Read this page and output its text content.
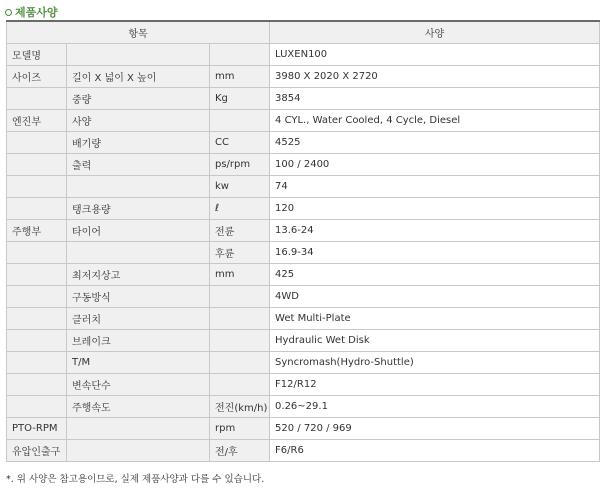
제품사양
항목			사양
모델명			LUXEN100
사이즈	길이 X 넓이 X 높이	mm	3980 X 2020 X 2720
	중량	Kg	3854
엔진부	사양		4 CYL., Water Cooled, 4 Cycle, Diesel
	배기량	CC	4525
	출력	ps/rpm	100 / 2400
		kw	74
	탱크용량	ℓ	120
주행부	타이어	전륜	13.6-24
		후륜	16.9-34
	최저지상고	mm	425
	구동방식		4WD
	클러치		Wet Multi-Plate
	브레이크		Hydraulic Wet Disk
	T/M		Syncromash(Hydro-Shuttle)
	변속단수		F12/R12
	주행속도	전진(km/h)	0.26~29.1
PTO-RPM		rpm	520 / 720 / 969
유압인출구		전/후	F6/R6
*. 위 사양은 참고용이므로, 실제 제품사양과 다를 수 있습니다.
